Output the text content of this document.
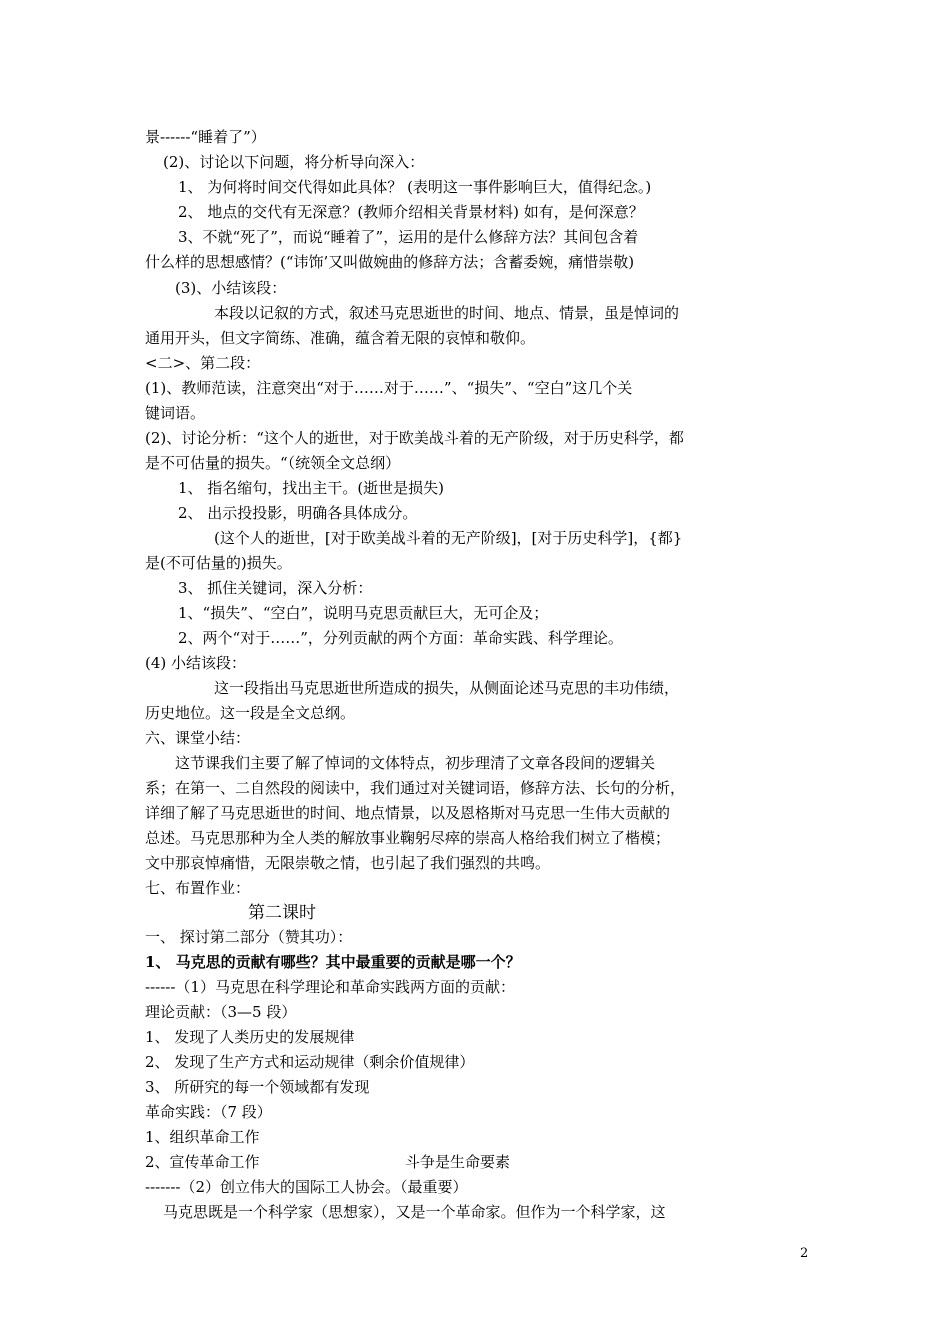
景------“睡着了”）
(2)、讨论以下问题，将分析导向深入：
1、 为何将时间交代得如此具体？ (表明这一事件影响巨大，值得纪念。)
2、 地点的交代有无深意？(教师介绍相关背景材料) 如有，是何深意？
3、不就“死了”，而说“睡着了”，运用的是什么修辞方法？其间包含着
什么样的思想感情？(“讳饰’又叫做婉曲的修辞方法；含蓄委婉，痛惜崇敬)
(3)、小结该段：
本段以记叙的方式，叙述马克思逝世的时间、地点、情景，虽是悼词的
通用开头，但文字简练、准确，蕴含着无限的哀悼和敬仰。
<二>、第二段：
(1)、教师范读，注意突出“对于……对于……”、“损失”、“空白”这几个关
键词语。
(2)、讨论分析：“这个人的逝世，对于欧美战斗着的无产阶级，对于历史科学，都
是不可估量的损失。“（统领全文总纲）
1、 指名缩句，找出主干。(逝世是损失)
2、 出示投投影，明确各具体成分。
(这个人的逝世，[对于欧美战斗着的无产阶级]，[对于历史科学]，{都}
是(不可估量的)损失。
3、 抓住关键词，深入分析：
1、“损失”、“空白”，说明马克思贡献巨大，无可企及；
2、两个“对于……”，分列贡献的两个方面：革命实践、科学理论。
(4) 小结该段：
这一段指出马克思逝世所造成的损失，从侧面论述马克思的丰功伟绩，
历史地位。这一段是全文总纲。
六、课堂小结：
这节课我们主要了解了悼词的文体特点，初步理清了文章各段间的逻辑关
系；在第一、二自然段的阅读中，我们通过对关键词语，修辞方法、长句的分析，
详细了解了马克思逝世的时间、地点情景，以及恩格斯对马克思一生伟大贡献的
总述。马克思那种为全人类的解放事业鞠躬尽瘁的崇高人格给我们树立了楷模；
文中那哀悼痛惜，无限崇敬之情，也引起了我们强烈的共鸣。
七、布置作业：
第二课时
一、 探讨第二部分（赞其功）：
1、 马克思的贡献有哪些？其中最重要的贡献是哪一个？
------（1）马克思在科学理论和革命实践两方面的贡献：
理论贡献：（3—5 段）
1、 发现了人类历史的发展规律
2、 发现了生产方式和运动规律（剩余价值规律）
3、 所研究的每一个领域都有发现
革命实践：（7 段）
1、组织革命工作
2、宣传革命工作	斗争是生命要素
-------（2）创立伟大的国际工人协会。（最重要）
马克思既是一个科学家（思想家），又是一个革命家。但作为一个科学家，这
2
